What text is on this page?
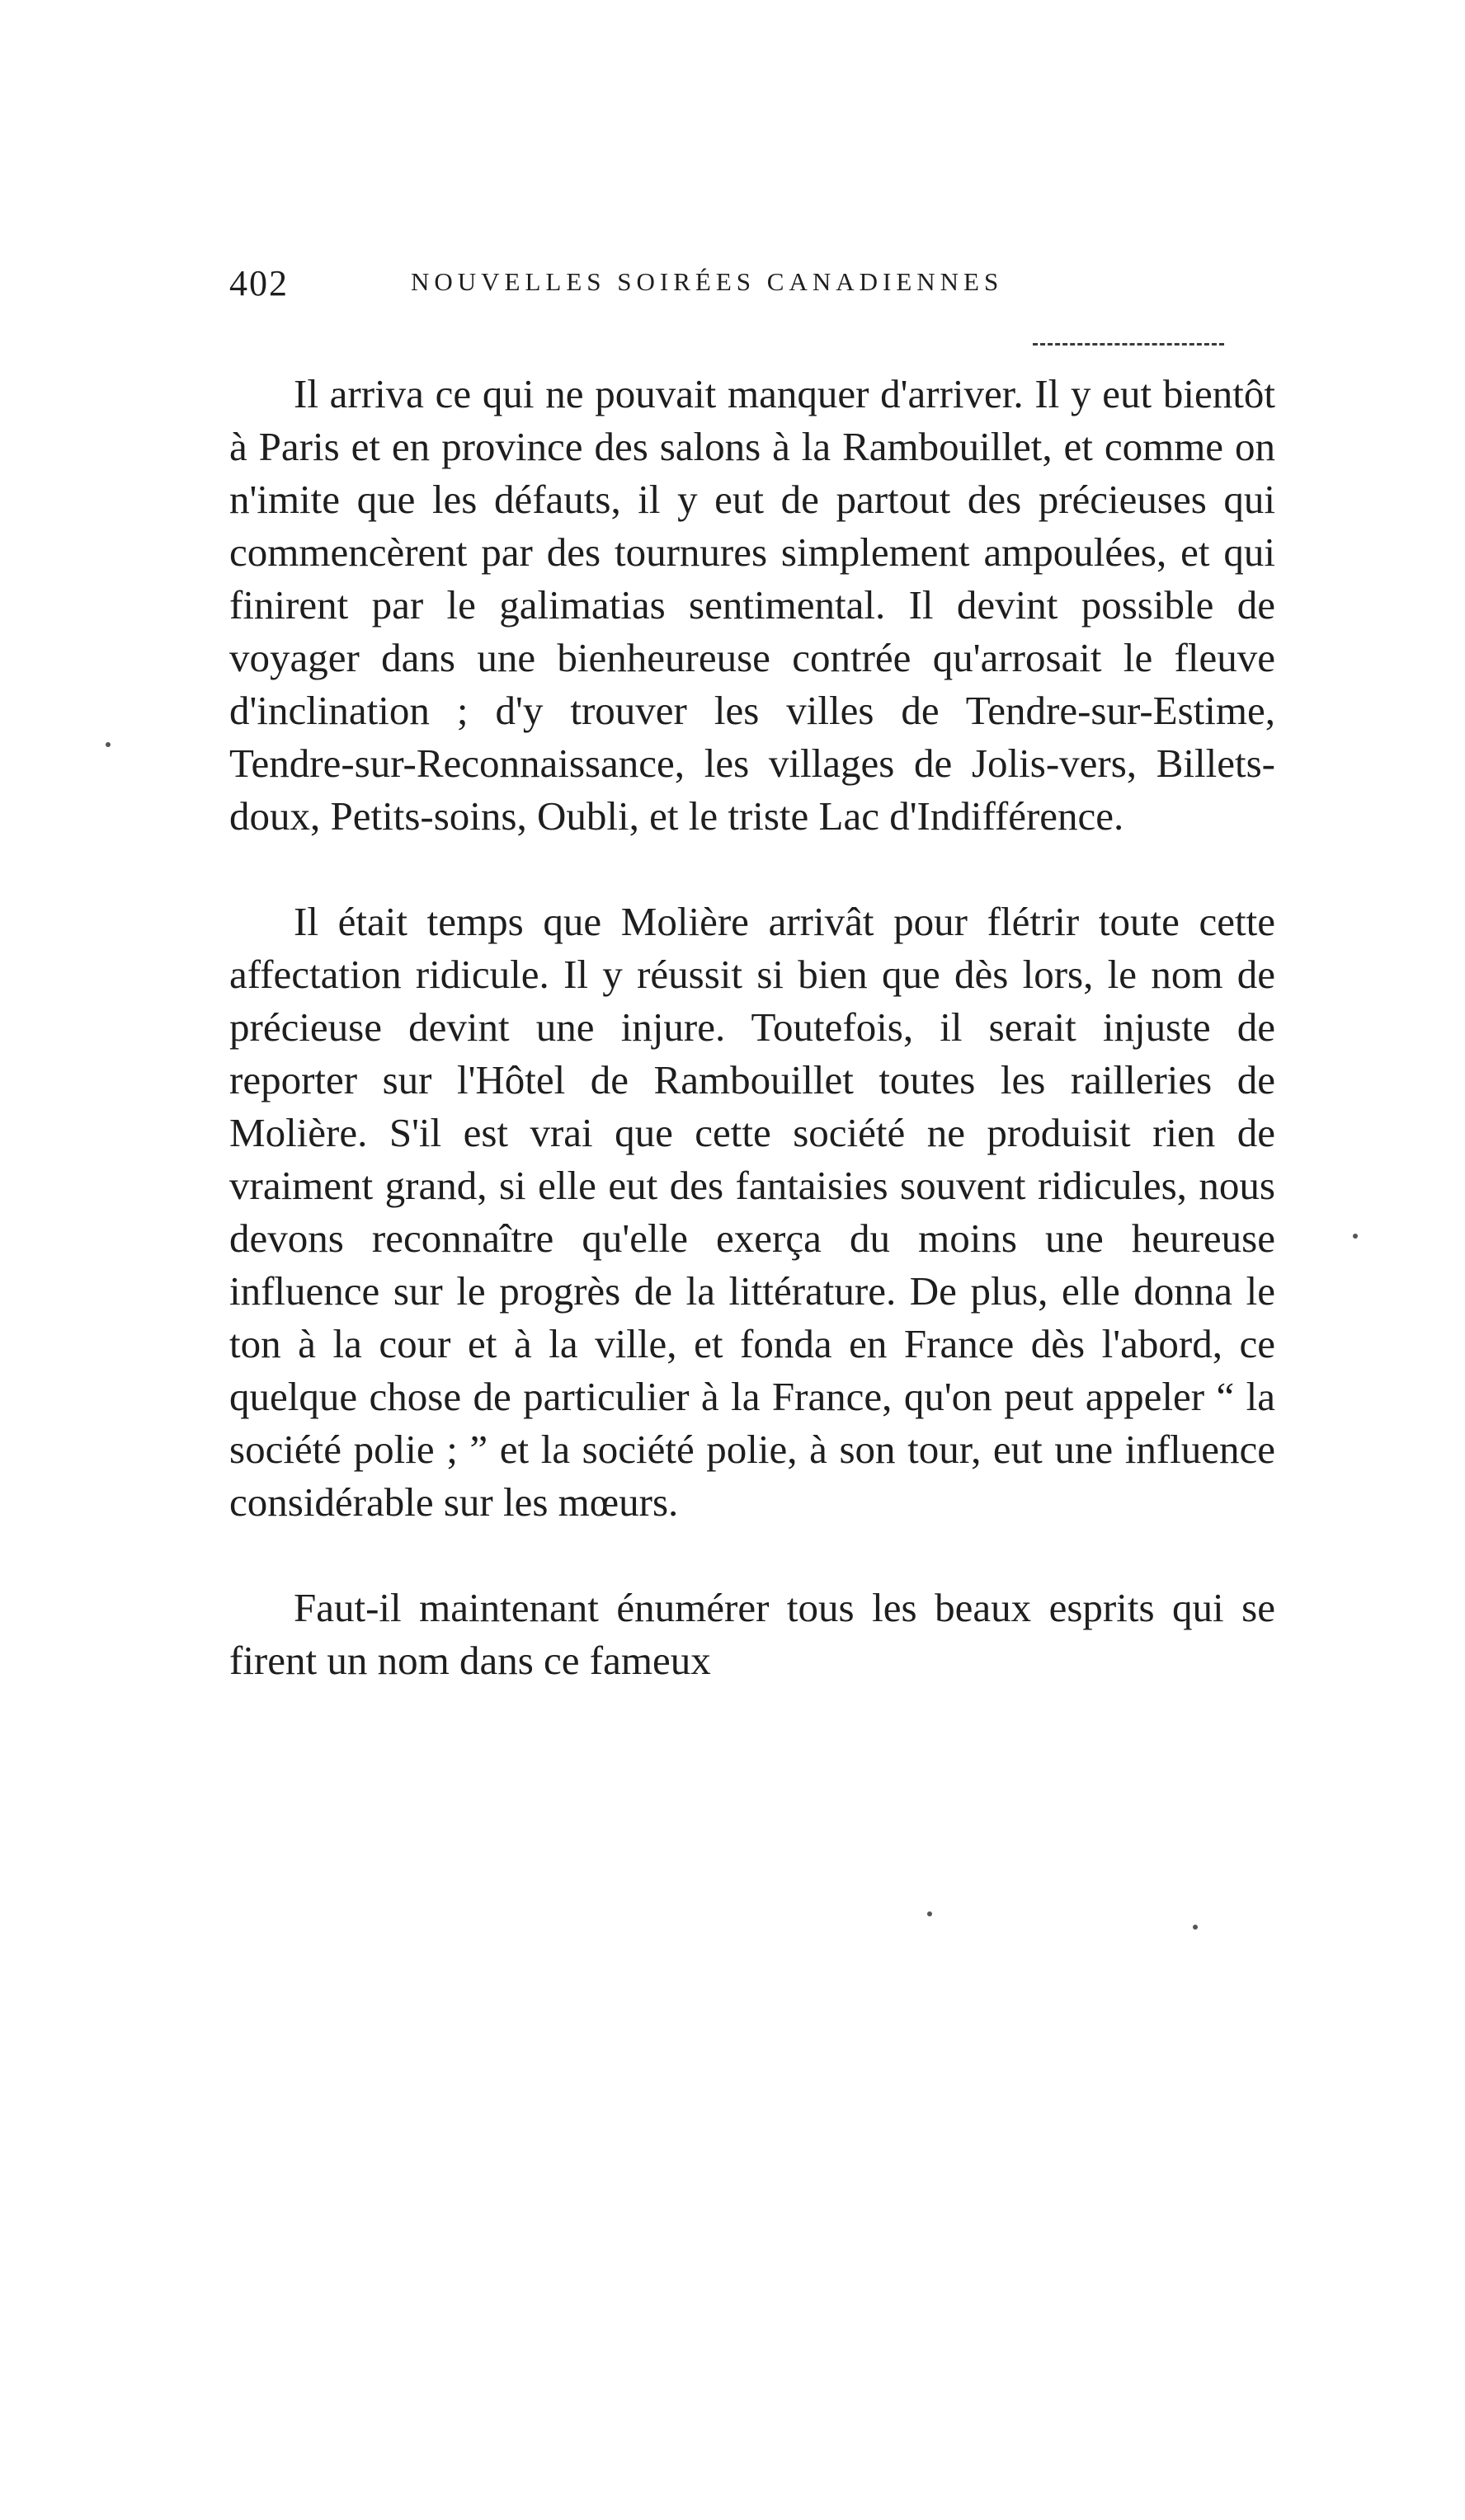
402	NOUVELLES SOIRÉES CANADIENNES

Il arriva ce qui ne pouvait manquer d'arriver. Il y eut bientôt à Paris et en province des salons à la Rambouillet, et comme on n'imite que les défauts, il y eut de partout des précieuses qui commencèrent par des tournures simplement ampoulées, et qui finirent par le galimatias sentimental. Il devint possible de voyager dans une bienheureuse contrée qu'arrosait le fleuve d'inclination ; d'y trouver les villes de Tendre-sur-Estime, Tendre-sur-Reconnaissance, les villages de Jolis-vers, Billets-doux, Petits-soins, Oubli, et le triste Lac d'Indifférence.

Il était temps que Molière arrivât pour flétrir toute cette affectation ridicule. Il y réussit si bien que dès lors, le nom de précieuse devint une injure. Toutefois, il serait injuste de reporter sur l'Hôtel de Rambouillet toutes les railleries de Molière. S'il est vrai que cette société ne produisit rien de vraiment grand, si elle eut des fantaisies souvent ridicules, nous devons reconnaître qu'elle exerça du moins une heureuse influence sur le progrès de la littérature. De plus, elle donna le ton à la cour et à la ville, et fonda en France dès l'abord, ce quelque chose de particulier à la France, qu'on peut appeler “ la société polie ; ” et la société polie, à son tour, eut une influence considérable sur les mœurs.

Faut-il maintenant énumérer tous les beaux esprits qui se firent un nom dans ce fameux
